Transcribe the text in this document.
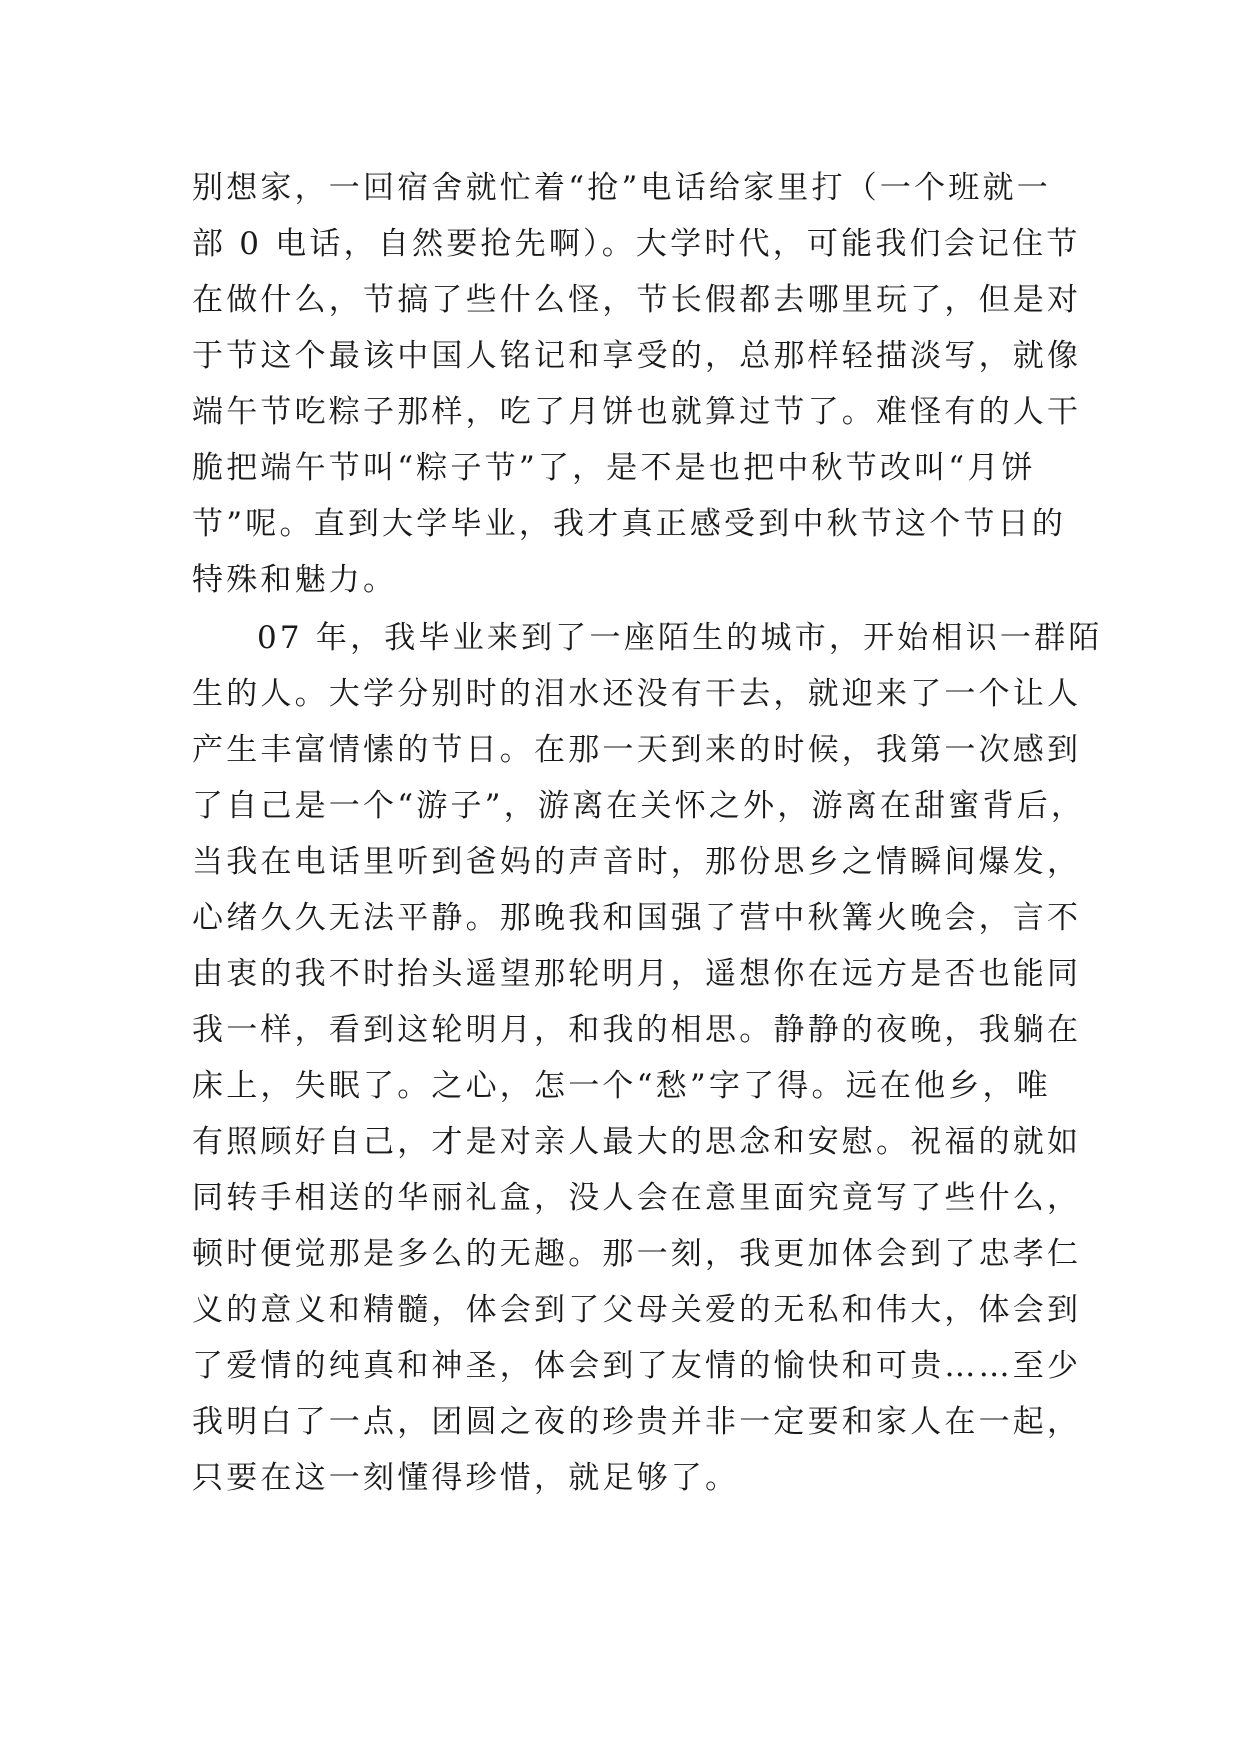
别想家，一回宿舍就忙着“抢”电话给家里打（一个班就一
部 0 电话，自然要抢先啊）。大学时代，可能我们会记住节
在做什么，节搞了些什么怪，节长假都去哪里玩了，但是对
于节这个最该中国人铭记和享受的，总那样轻描淡写，就像
端午节吃粽子那样，吃了月饼也就算过节了。难怪有的人干
脆把端午节叫“粽子节”了，是不是也把中秋节改叫“月饼
节”呢。直到大学毕业，我才真正感受到中秋节这个节日的
特殊和魅力。
07 年，我毕业来到了一座陌生的城市，开始相识一群陌
生的人。大学分别时的泪水还没有干去，就迎来了一个让人
产生丰富情愫的节日。在那一天到来的时候，我第一次感到
了自己是一个“游子”，游离在关怀之外，游离在甜蜜背后，
当我在电话里听到爸妈的声音时，那份思乡之情瞬间爆发，
心绪久久无法平静。那晚我和国强了营中秋篝火晚会，言不
由衷的我不时抬头遥望那轮明月，遥想你在远方是否也能同
我一样，看到这轮明月，和我的相思。静静的夜晚，我躺在
床上，失眠了。之心，怎一个“愁”字了得。远在他乡，唯
有照顾好自己，才是对亲人最大的思念和安慰。祝福的就如
同转手相送的华丽礼盒，没人会在意里面究竟写了些什么，
顿时便觉那是多么的无趣。那一刻，我更加体会到了忠孝仁
义的意义和精髓，体会到了父母关爱的无私和伟大，体会到
了爱情的纯真和神圣，体会到了友情的愉快和可贵……至少
我明白了一点，团圆之夜的珍贵并非一定要和家人在一起，
只要在这一刻懂得珍惜，就足够了。
